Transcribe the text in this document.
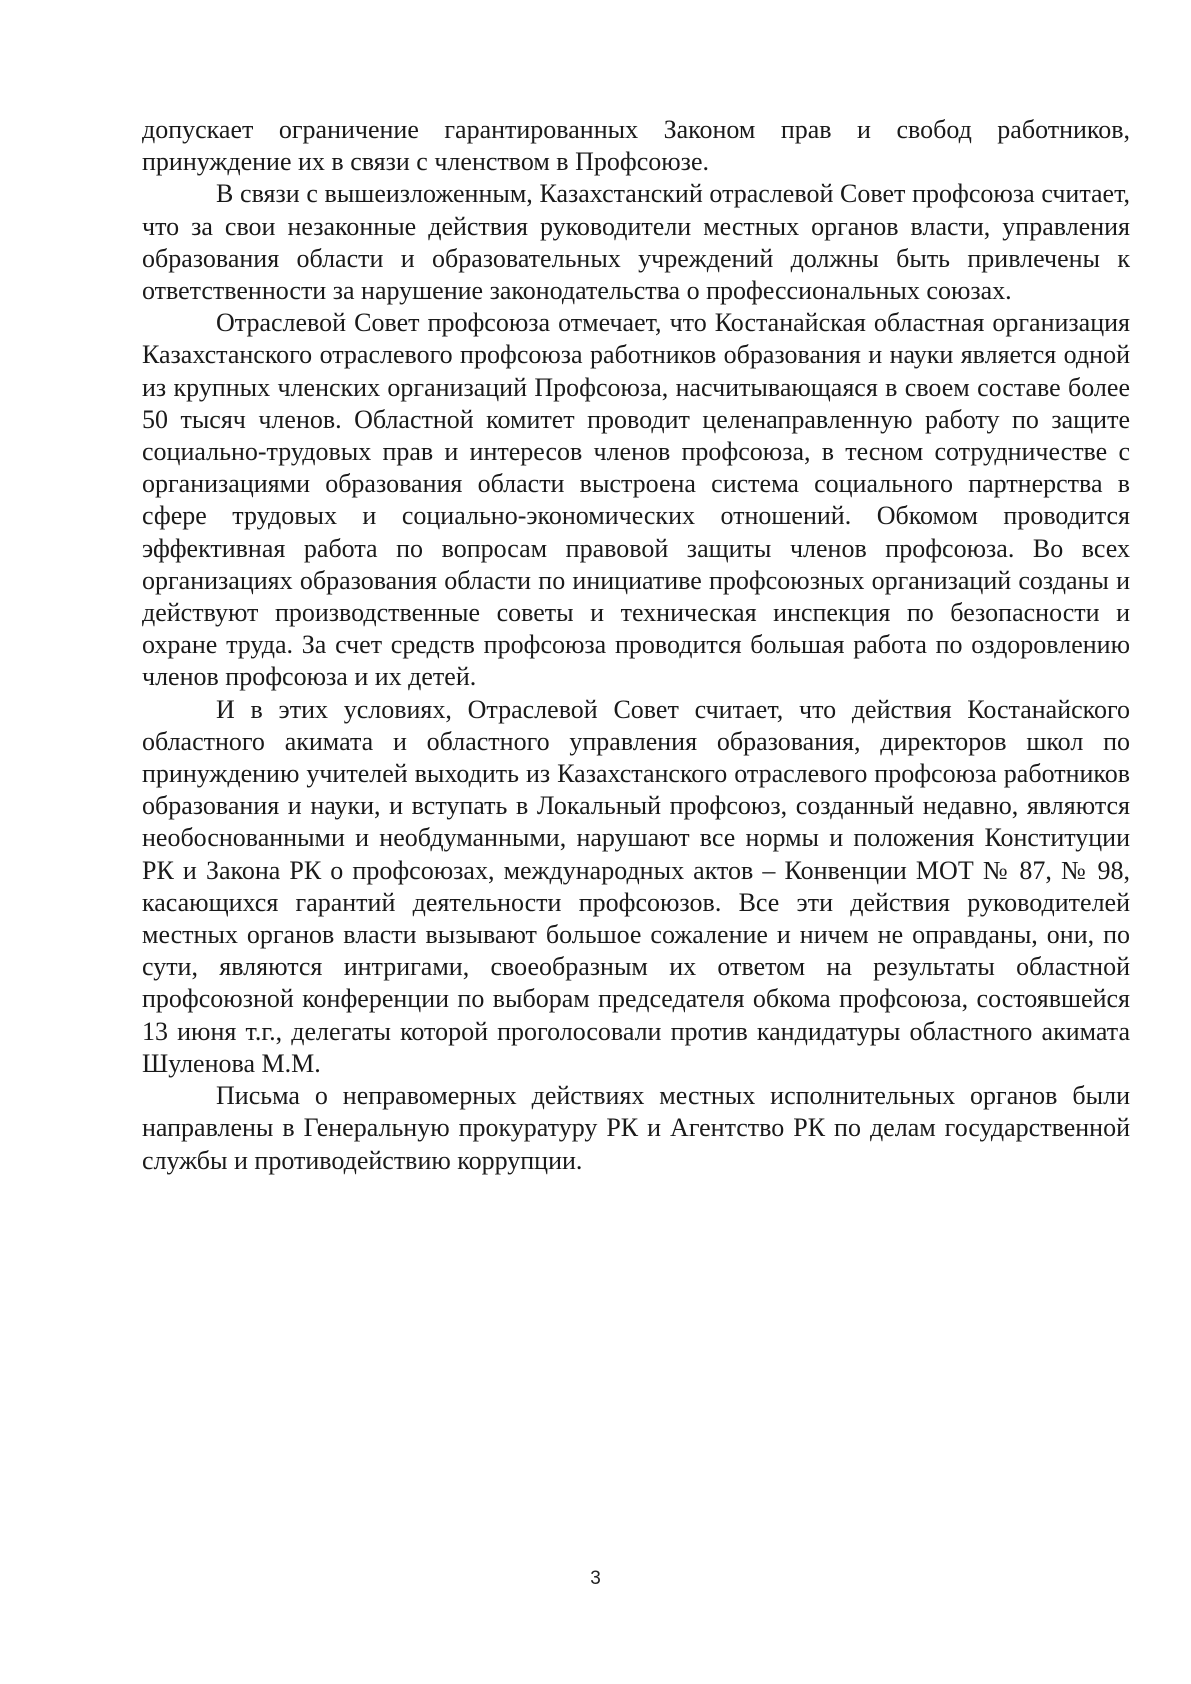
допускает ограничение гарантированных Законом прав и свобод работников, принуждение их в связи с членством в Профсоюзе.

В связи с вышеизложенным, Казахстанский отраслевой Совет профсоюза считает, что за свои незаконные действия руководители местных органов власти, управления образования области и образовательных учреждений должны быть привлечены к ответственности за нарушение законодательства о профессиональных союзах.

Отраслевой Совет профсоюза отмечает, что Костанайская областная организация Казахстанского отраслевого профсоюза работников образования и науки является одной из крупных членских организаций Профсоюза, насчитывающаяся в своем составе более 50 тысяч членов. Областной комитет проводит целенаправленную работу по защите социально-трудовых прав и интересов членов профсоюза, в тесном сотрудничестве с организациями образования области выстроена система социального партнерства в сфере трудовых и социально-экономических отношений. Обкомом проводится эффективная работа по вопросам правовой защиты членов профсоюза. Во всех организациях образования области по инициативе профсоюзных организаций созданы и действуют производственные советы и техническая инспекция по безопасности и охране труда. За счет средств профсоюза проводится большая работа по оздоровлению членов профсоюза и их детей.

И в этих условиях, Отраслевой Совет считает, что действия Костанайского областного акимата и областного управления образования, директоров школ по принуждению учителей выходить из Казахстанского отраслевого профсоюза работников образования и науки, и вступать в Локальный профсоюз, созданный недавно, являются необоснованными и необдуманными, нарушают все нормы и положения Конституции РК и Закона РК о профсоюзах, международных актов – Конвенции МОТ № 87, № 98, касающихся гарантий деятельности профсоюзов. Все эти действия руководителей местных органов власти вызывают большое сожаление и ничем не оправданы, они, по сути, являются интригами, своеобразным их ответом на результаты областной профсоюзной конференции по выборам председателя обкома профсоюза, состоявшейся 13 июня т.г., делегаты которой проголосовали против кандидатуры областного акимата Шуленова М.М.

Письма о неправомерных действиях местных исполнительных органов были направлены в Генеральную прокуратуру РК и Агентство РК по делам государственной службы и противодействию коррупции.

3
